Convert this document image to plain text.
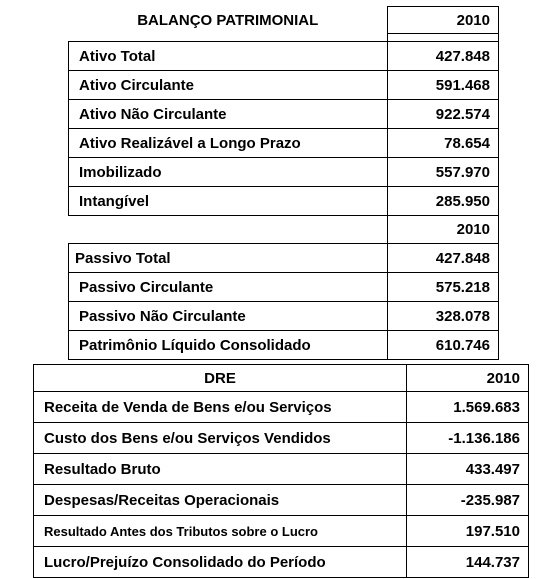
BALANÇO PATRIMONIAL	2010

Ativo Total	427.848
Ativo Circulante	591.468
Ativo Não Circulante	922.574
Ativo Realizável a Longo Prazo	78.654
Imobilizado	557.970
Intangível	285.950
	2010
Passivo Total	427.848
Passivo Circulante	575.218
Passivo Não Circulante	328.078
Patrimônio Líquido Consolidado	610.746
DRE	2010
Receita de Venda de Bens e/ou Serviços	1.569.683
Custo dos Bens e/ou Serviços Vendidos	-1.136.186
Resultado Bruto	433.497
Despesas/Receitas Operacionais	-235.987
Resultado Antes dos Tributos sobre o Lucro	197.510
Lucro/Prejuízo Consolidado do Período	144.737
